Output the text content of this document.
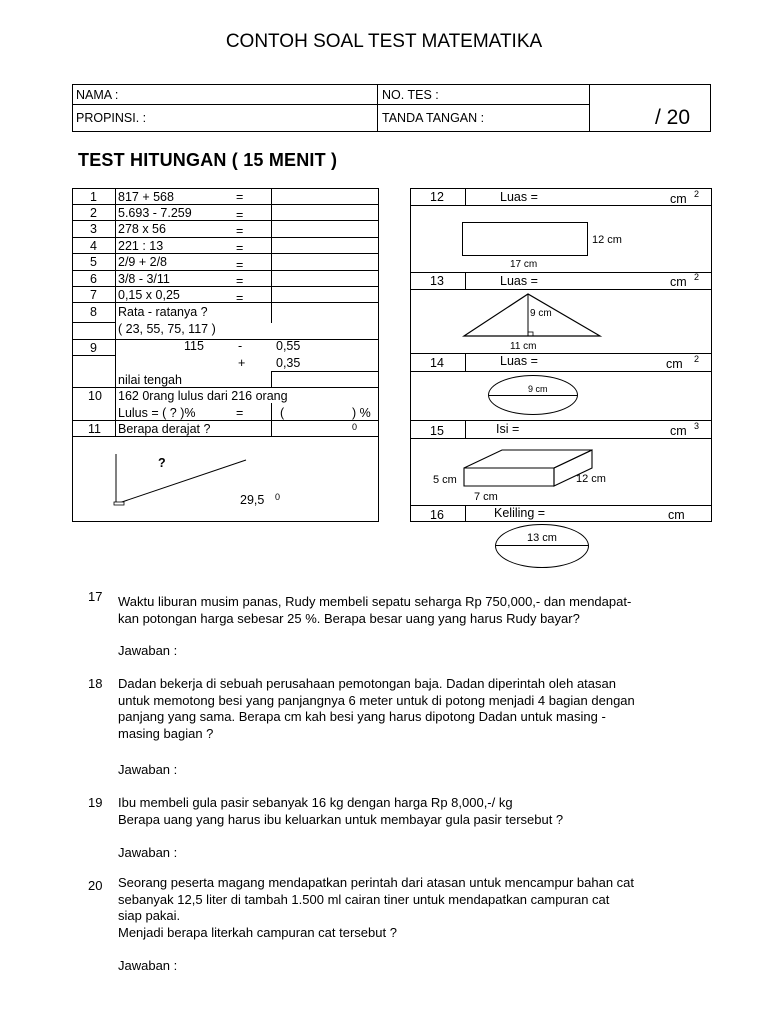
CONTOH SOAL TEST MATEMATIKA
NAMA :	NO. TES :
PROPINSI. :	TANDA TANGAN :	/ 20
TEST HITUNGAN ( 15 MENIT )
1 817 + 568	=
2 5.693 - 7.259	=
3 278 x 56	=
4 221 : 13	=
5 2/9 + 2/8	=
6 3/8 - 3/11	=
7 0,15 x 0,25	=
8 Rata - ratanya ?
( 23, 55, 75, 117 )
9	115	-	0,55
+ 0,35
nilai tengah
10 162 0rang lulus dari 216 orang
Lulus = ( ? )%	=	(	) %
11 Berapa derajat ?	0
?
29,5 0
12	Luas =	cm 2
12 cm
17 cm
13	Luas =	cm 2
9 cm
11 cm
14	Luas =	cm 2
9 cm
15	Isi =	cm 3
5 cm	12 cm
7 cm
16	Keliling =	cm
13 cm
17 Waktu liburan musim panas, Rudy membeli sepatu seharga Rp 750,000,- dan mendapat-
kan potongan harga sebesar 25 %. Berapa besar uang yang harus Rudy bayar?
Jawaban :
18 Dadan bekerja di sebuah perusahaan pemotongan baja. Dadan diperintah oleh atasan
untuk memotong besi yang panjangnya 6 meter untuk di potong menjadi 4 bagian dengan
panjang yang sama. Berapa cm kah besi yang harus dipotong Dadan untuk masing -
masing bagian ?
Jawaban :
19 Ibu membeli gula pasir sebanyak 16 kg dengan harga Rp 8,000,-/ kg
Berapa uang yang harus ibu keluarkan untuk membayar gula pasir tersebut ?
Jawaban :
20 Seorang peserta magang mendapatkan perintah dari atasan untuk mencampur bahan cat
sebanyak 12,5 liter di tambah 1.500 ml cairan tiner untuk mendapatkan campuran cat
siap pakai.
Menjadi berapa literkah campuran cat tersebut ?
Jawaban :
